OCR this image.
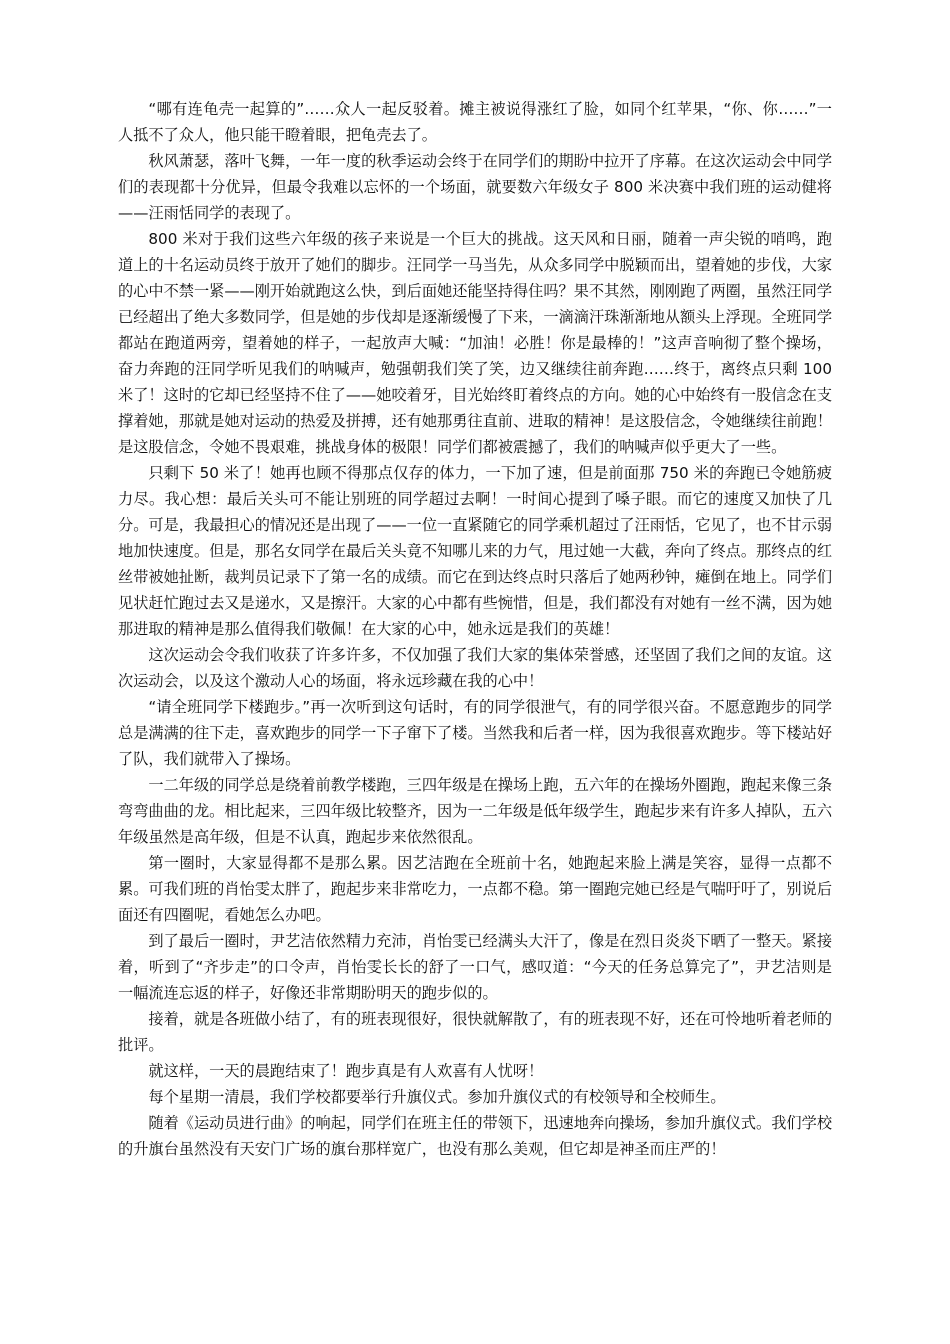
“哪有连龟壳一起算的”……众人一起反驳着。摊主被说得涨红了脸，如同个红苹果，“你、你……”一人抵不了众人，他只能干瞪着眼，把龟壳去了。

秋风萧瑟，落叶飞舞，一年一度的秋季运动会终于在同学们的期盼中拉开了序幕。在这次运动会中同学们的表现都十分优异，但最令我难以忘怀的一个场面，就要数六年级女子 800 米决赛中我们班的运动健将——汪雨恬同学的表现了。

800 米对于我们这些六年级的孩子来说是一个巨大的挑战。这天风和日丽，随着一声尖锐的哨鸣，跑道上的十名运动员终于放开了她们的脚步。汪同学一马当先，从众多同学中脱颖而出，望着她的步伐，大家的心中不禁一紧——刚开始就跑这么快，到后面她还能坚持得住吗？果不其然，刚刚跑了两圈，虽然汪同学已经超出了绝大多数同学，但是她的步伐却是逐渐缓慢了下来，一滴滴汗珠渐渐地从额头上浮现。全班同学都站在跑道两旁，望着她的样子，一起放声大喊：“加油！必胜！你是最棒的！”这声音响彻了整个操场，奋力奔跑的汪同学听见我们的呐喊声，勉强朝我们笑了笑，边又继续往前奔跑……终于，离终点只剩 100 米了！这时的它却已经坚持不住了——她咬着牙，目光始终盯着终点的方向。她的心中始终有一股信念在支撑着她，那就是她对运动的热爱及拼搏，还有她那勇往直前、进取的精神！是这股信念，令她继续往前跑！是这股信念，令她不畏艰难，挑战身体的极限！同学们都被震撼了，我们的呐喊声似乎更大了一些。

只剩下 50 米了！她再也顾不得那点仅存的体力，一下加了速，但是前面那 750 米的奔跑已令她筋疲力尽。我心想：最后关头可不能让别班的同学超过去啊！一时间心提到了嗓子眼。而它的速度又加快了几分。可是，我最担心的情况还是出现了——一位一直紧随它的同学乘机超过了汪雨恬，它见了，也不甘示弱地加快速度。但是，那名女同学在最后关头竟不知哪儿来的力气，甩过她一大截，奔向了终点。那终点的红丝带被她扯断，裁判员记录下了第一名的成绩。而它在到达终点时只落后了她两秒钟，瘫倒在地上。同学们见状赶忙跑过去又是递水，又是擦汗。大家的心中都有些惋惜，但是，我们都没有对她有一丝不满，因为她那进取的精神是那么值得我们敬佩！在大家的心中，她永远是我们的英雄！

这次运动会令我们收获了许多许多，不仅加强了我们大家的集体荣誉感，还坚固了我们之间的友谊。这次运动会，以及这个激动人心的场面，将永远珍藏在我的心中！

“请全班同学下楼跑步。”再一次听到这句话时，有的同学很泄气，有的同学很兴奋。不愿意跑步的同学总是满满的往下走，喜欢跑步的同学一下子窜下了楼。当然我和后者一样，因为我很喜欢跑步。等下楼站好了队，我们就带入了操场。

一二年级的同学总是绕着前教学楼跑，三四年级是在操场上跑，五六年的在操场外圈跑，跑起来像三条弯弯曲曲的龙。相比起来，三四年级比较整齐，因为一二年级是低年级学生，跑起步来有许多人掉队，五六年级虽然是高年级，但是不认真，跑起步来依然很乱。

第一圈时，大家显得都不是那么累。因艺洁跑在全班前十名，她跑起来脸上满是笑容，显得一点都不累。可我们班的肖怡雯太胖了，跑起步来非常吃力，一点都不稳。第一圈跑完她已经是气喘吁吁了，别说后面还有四圈呢，看她怎么办吧。

到了最后一圈时，尹艺洁依然精力充沛，肖怡雯已经满头大汗了，像是在烈日炎炎下晒了一整天。紧接着，听到了“齐步走”的口令声，肖怡雯长长的舒了一口气，感叹道：“今天的任务总算完了”，尹艺洁则是一幅流连忘返的样子，好像还非常期盼明天的跑步似的。

接着，就是各班做小结了，有的班表现很好，很快就解散了，有的班表现不好，还在可怜地听着老师的批评。

就这样，一天的晨跑结束了！跑步真是有人欢喜有人忧呀！

每个星期一清晨，我们学校都要举行升旗仪式。参加升旗仪式的有校领导和全校师生。

随着《运动员进行曲》的响起，同学们在班主任的带领下，迅速地奔向操场，参加升旗仪式。我们学校的升旗台虽然没有天安门广场的旗台那样宽广，也没有那么美观，但它却是神圣而庄严的！
